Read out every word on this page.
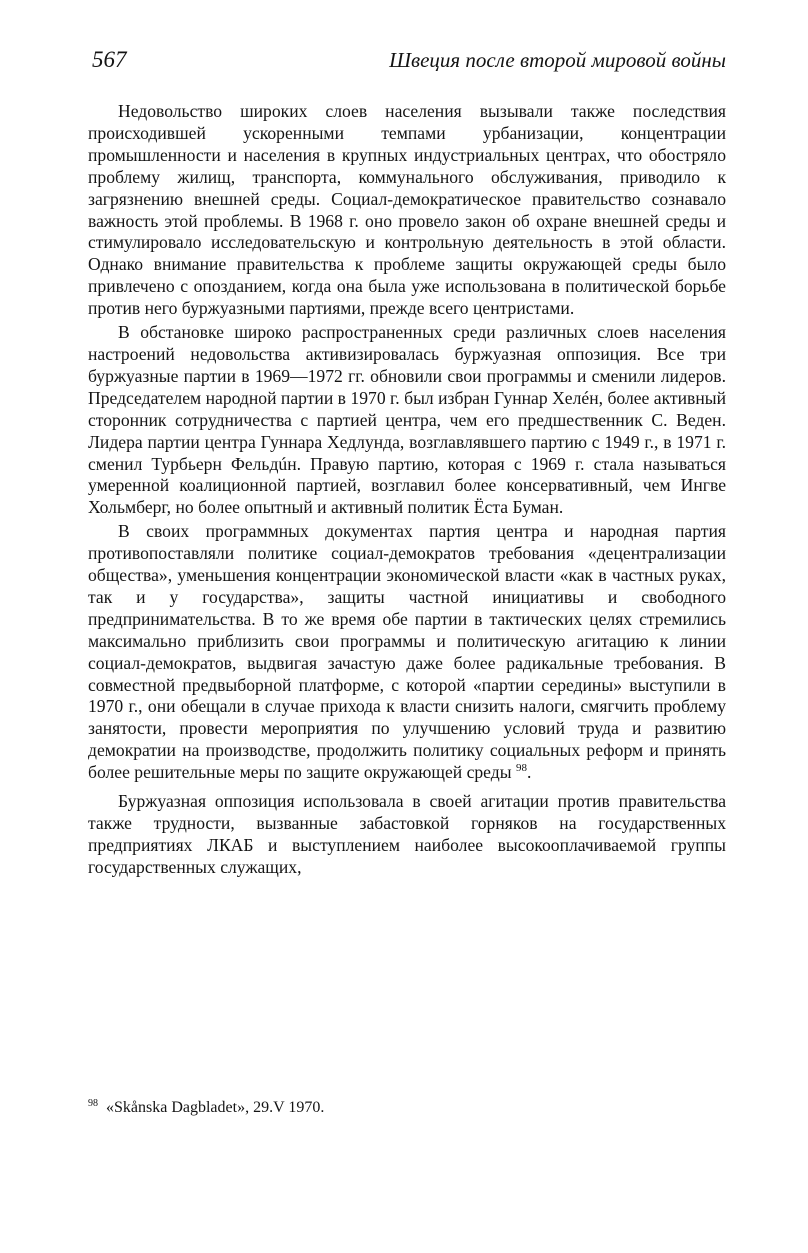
567	Швеция после второй мировой войны

Недовольство широких слоев населения вызывали также последствия происходившей ускоренными темпами урбанизации, концентрации промышленности и населения в крупных индустриальных центрах, что обостряло проблему жилищ, транспорта, коммунального обслуживания, приводило к загрязнению внешней среды. Социал-демократическое правительство сознавало важность этой проблемы. В 1968 г. оно провело закон об охране внешней среды и стимулировало исследовательскую и контрольную деятельность в этой области. Однако внимание правительства к проблеме защиты окружающей среды было привлечено с опозданием, когда она была уже использована в политической борьбе против него буржуазными партиями, прежде всего центристами.

В обстановке широко распространенных среди различных слоев населения настроений недовольства активизировалась буржуазная оппозиция. Все три буржуазные партии в 1969—1972 гг. обновили свои программы и сменили лидеров. Председателем народной партии в 1970 г. был избран Гуннар Хелéн, более активный сторонник сотрудничества с партией центра, чем его предшественник С. Веден. Лидера партии центра Гуннара Хедлунда, возглавлявшего партию с 1949 г., в 1971 г. сменил Турбьерн Фельдúн. Правую партию, которая с 1969 г. стала называться умеренной коалиционной партией, возглавил более консервативный, чем Ингве Хольмберг, но более опытный и активный политик Ёста Буман.

В своих программных документах партия центра и народная партия противопоставляли политике социал-демократов требования «децентрализации общества», уменьшения концентрации экономической власти «как в частных руках, так и у государства», защиты частной инициативы и свободного предпринимательства. В то же время обе партии в тактических целях стремились максимально приблизить свои программы и политическую агитацию к линии социал-демократов, выдвигая зачастую даже более радикальные требования. В совместной предвыборной платформе, с которой «партии середины» выступили в 1970 г., они обещали в случае прихода к власти снизить налоги, смягчить проблему занятости, провести мероприятия по улучшению условий труда и развитию демократии на производстве, продолжить политику социальных реформ и принять более решительные меры по защите окружающей среды $^{98}$.

Буржуазная оппозиция использовала в своей агитации против правительства также трудности, вызванные забастовкой горняков на государственных предприятиях ЛКАБ и выступлением наиболее высокооплачиваемой группы государственных служащих,

$^{98}$ «Skånska Dagbladet», 29.V 1970.
